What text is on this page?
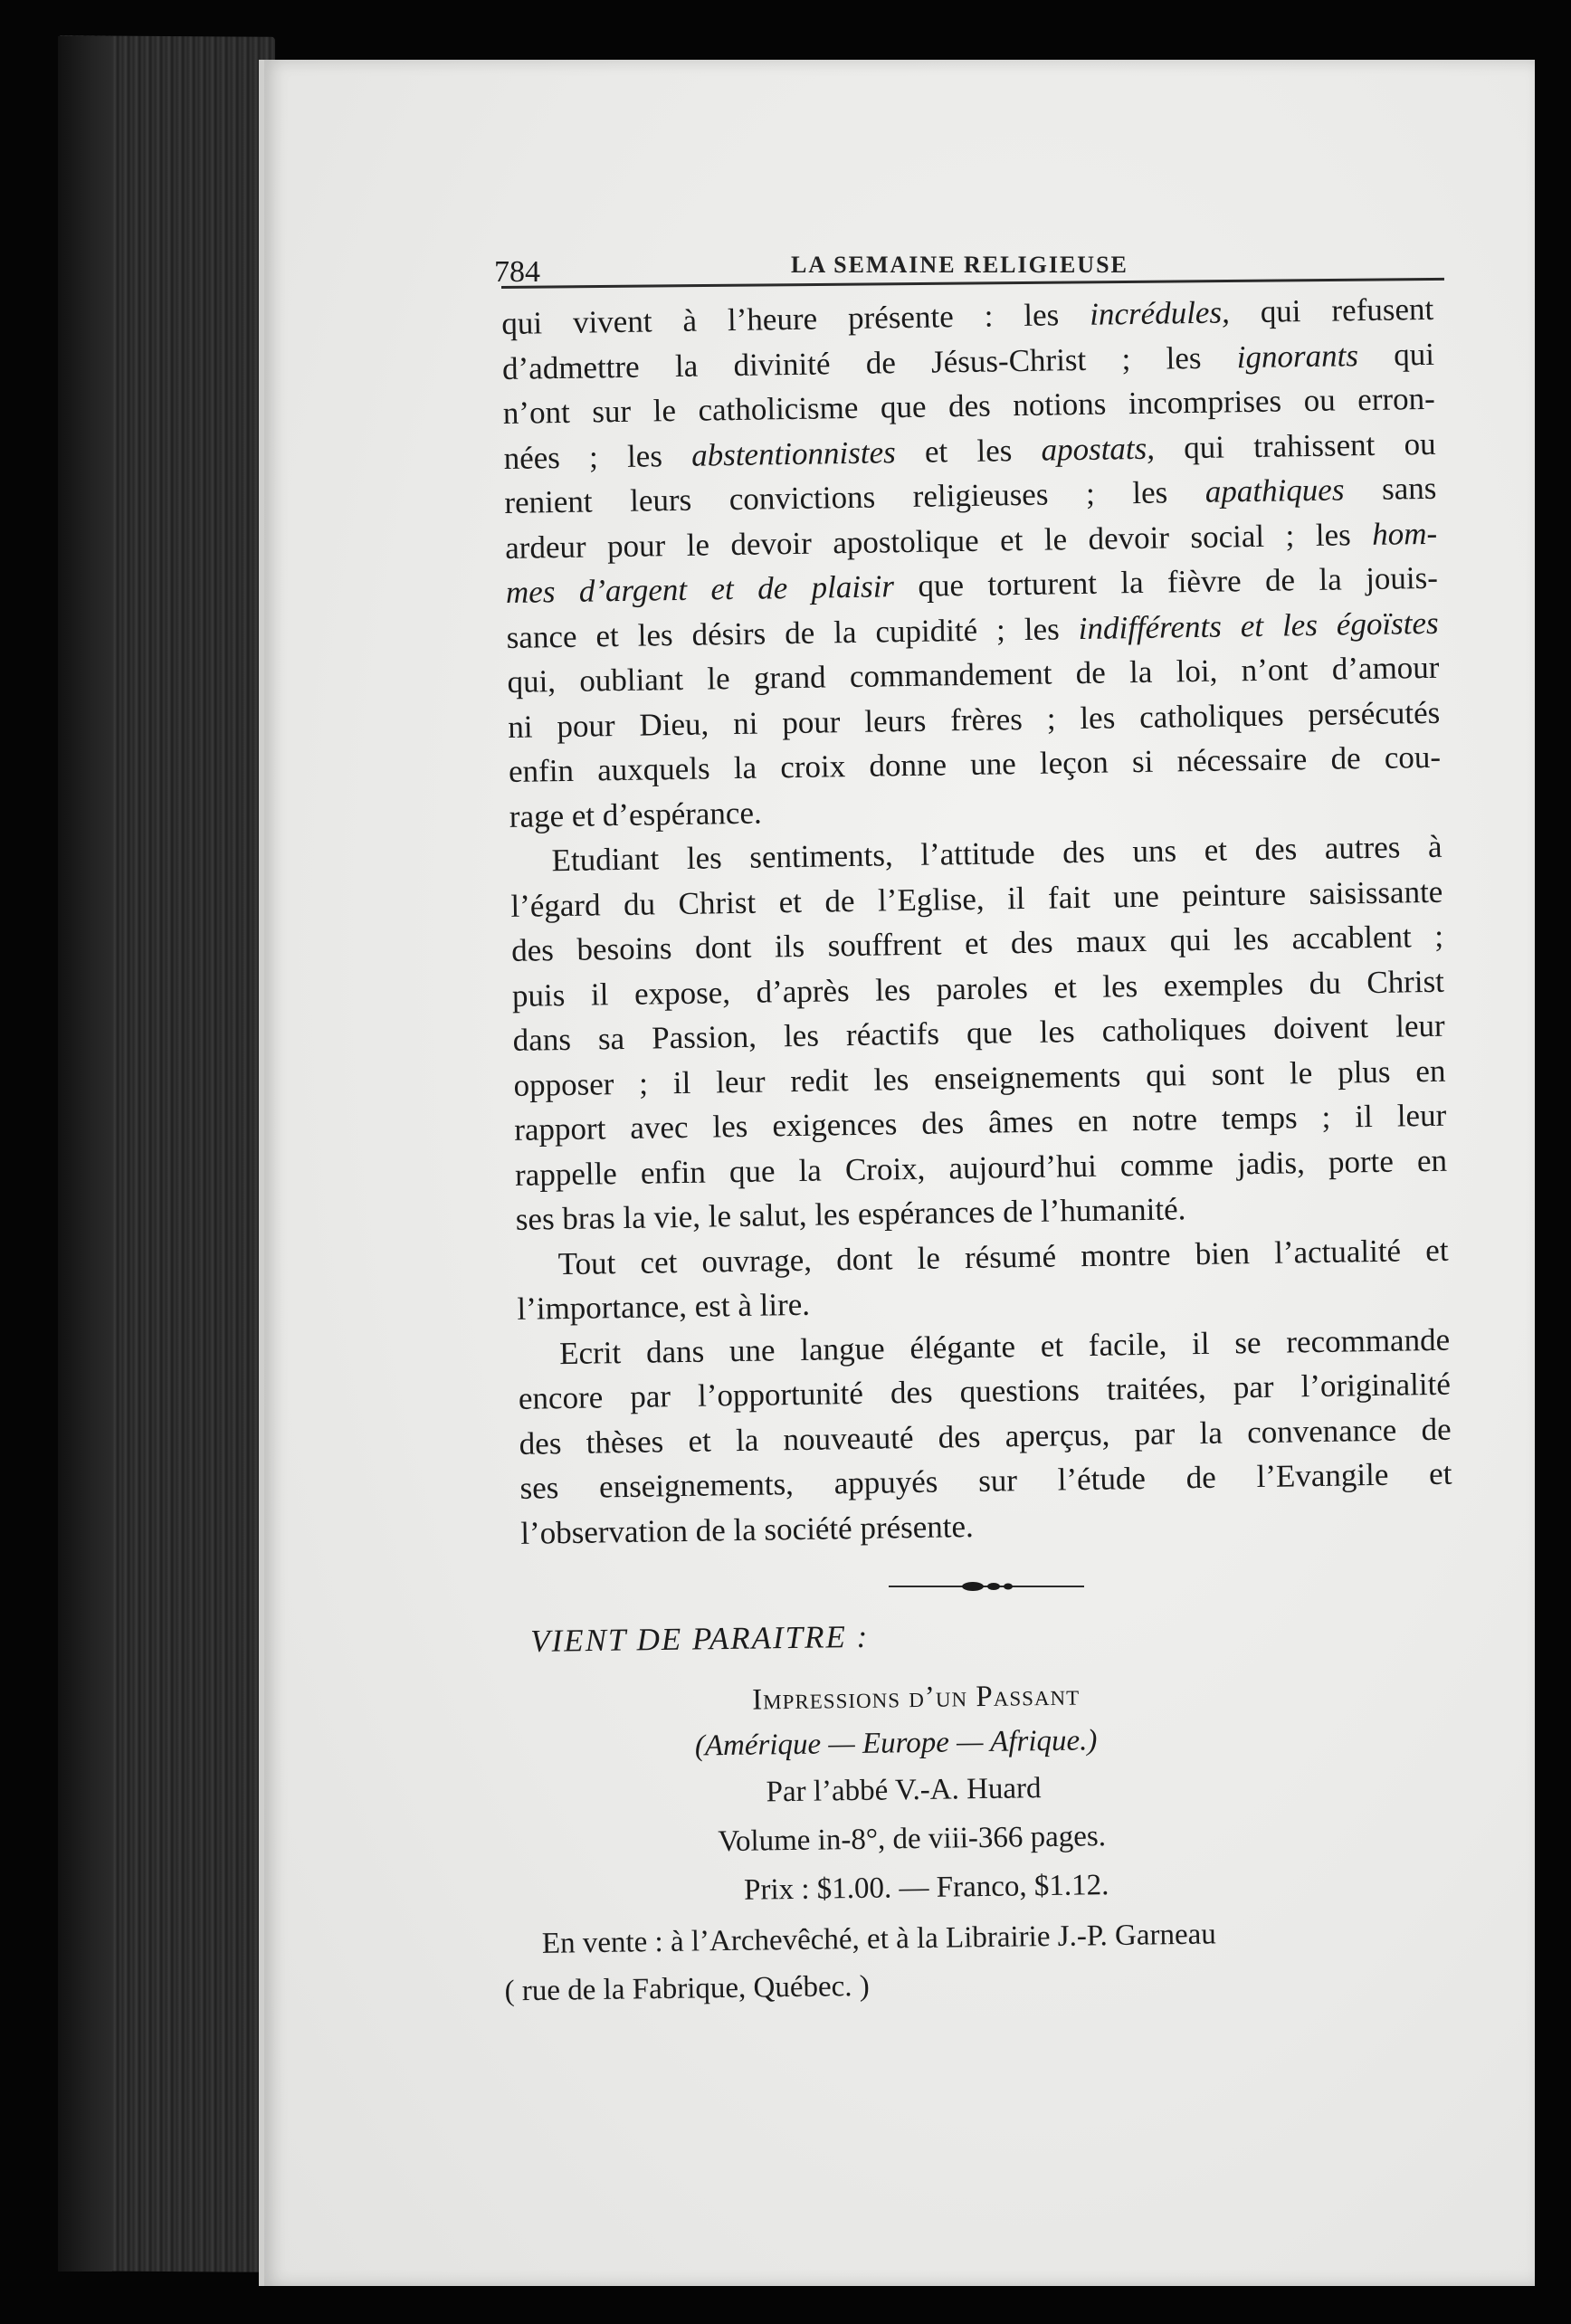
784	LA SEMAINE RELIGIEUSE
qui vivent à l’heure présente : les incrédules, qui refusent
d’admettre la divinité de Jésus-Christ ; les ignorants qui
n’ont sur le catholicisme que des notions incomprises ou erron-
nées ; les abstentionnistes et les apostats, qui trahissent ou
renient leurs convictions religieuses ; les apathiques sans
ardeur pour le devoir apostolique et le devoir social ; les hom-
mes d’argent et de plaisir que torturent la fièvre de la jouis-
sance et les désirs de la cupidité ; les indifférents et les égoïstes
qui, oubliant le grand commandement de la loi, n’ont d’amour
ni pour Dieu, ni pour leurs frères ; les catholiques persécutés
enfin auxquels la croix donne une leçon si nécessaire de cou-
rage et d’espérance.
Etudiant les sentiments, l’attitude des uns et des autres à
l’égard du Christ et de l’Eglise, il fait une peinture saisissante
des besoins dont ils souffrent et des maux qui les accablent ;
puis il expose, d’après les paroles et les exemples du Christ
dans sa Passion, les réactifs que les catholiques doivent leur
opposer ; il leur redit les enseignements qui sont le plus en
rapport avec les exigences des âmes en notre temps ; il leur
rappelle enfin que la Croix, aujourd’hui comme jadis, porte en
ses bras la vie, le salut, les espérances de l’humanité.
Tout cet ouvrage, dont le résumé montre bien l’actualité et
l’importance, est à lire.
Ecrit dans une langue élégante et facile, il se recommande
encore par l’opportunité des questions traitées, par l’originalité
des thèses et la nouveauté des aperçus, par la convenance de
ses enseignements, appuyés sur l’étude de l’Evangile et
l’observation de la société présente.
VIENT DE PARAITRE :
Impressions d’un Passant
(Amérique — Europe — Afrique.)
Par l’abbé V.-A. Huard
Volume in-8°, de viii-366 pages.
Prix : $1.00. — Franco, $1.12.
En vente : à l’Archevêché, et à la Librairie J.-P. Garneau
( rue de la Fabrique, Québec. )
